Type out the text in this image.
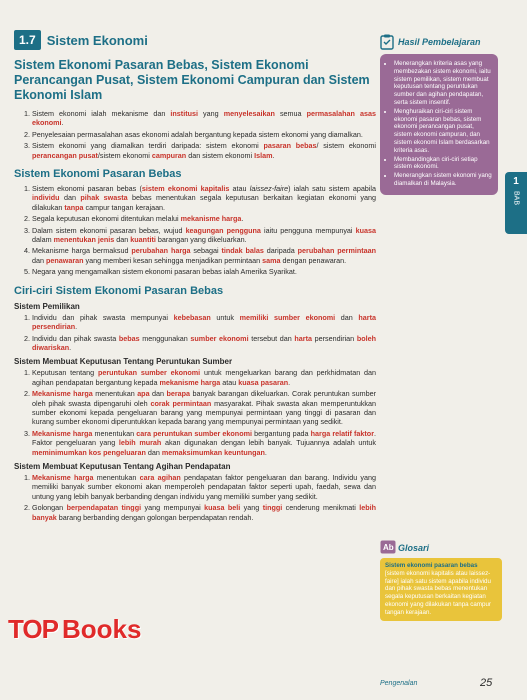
1.7 Sistem Ekonomi
Sistem Ekonomi Pasaran Bebas, Sistem Ekonomi Perancangan Pusat, Sistem Ekonomi Campuran dan Sistem Ekonomi Islam
1. Sistem ekonomi ialah mekanisme dan institusi yang menyelesaikan semua permasalahan asas ekonomi.
2. Penyelesaian permasalahan asas ekonomi adalah bergantung kepada sistem ekonomi yang diamalkan.
3. Sistem ekonomi yang diamalkan terdiri daripada: sistem ekonomi pasaran bebas/ sistem ekonomi perancangan pusat/sistem ekonomi campuran dan sistem ekonomi Islam.
Sistem Ekonomi Pasaran Bebas
1. Sistem ekonomi pasaran bebas (sistem ekonomi kapitalis atau laissez-faire) ialah satu sistem apabila individu dan pihak swasta bebas menentukan segala keputusan berkaitan kegiatan ekonomi yang dilakukan tanpa campur tangan kerajaan.
2. Segala keputusan ekonomi ditentukan melalui mekanisme harga.
3. Dalam sistem ekonomi pasaran bebas, wujud keagungan pengguna iaitu pengguna mempunyai kuasa dalam menentukan jenis dan kuantiti barangan yang dikeluarkan.
4. Mekanisme harga bermaksud perubahan harga sebagai tindak balas daripada perubahan permintaan dan penawaran yang memberi kesan sehingga menjadikan permintaan sama dengan penawaran.
5. Negara yang mengamalkan sistem ekonomi pasaran bebas ialah Amerika Syarikat.
Ciri-ciri Sistem Ekonomi Pasaran Bebas
Sistem Pemilikan
1. Individu dan pihak swasta mempunyai kebebasan untuk memiliki sumber ekonomi dan harta persendirian.
2. Individu dan pihak swasta bebas menggunakan sumber ekonomi tersebut dan harta persendirian boleh diwariskan.
Sistem Membuat Keputusan Tentang Peruntukan Sumber
1. Keputusan tentang peruntukan sumber ekonomi untuk mengeluarkan barang dan perkhidmatan dan agihan pendapatan bergantung kepada mekanisme harga atau kuasa pasaran.
2. Mekanisme harga menentukan apa dan berapa banyak barangan dikeluarkan. Corak peruntukan sumber oleh pihak swasta dipengaruhi oleh corak permintaan masyarakat. Pihak swasta akan memperuntukkan sumber ekonomi kepada pengeluaran barang yang mempunyai permintaan yang tinggi di pasaran dan kurang sumber ekonomi diperuntukkan kepada barang yang mempunyai permintaan yang sedikit.
3. Mekanisme harga menentukan cara peruntukan sumber ekonomi bergantung pada harga relatif faktor. Faktor pengeluaran yang lebih murah akan digunakan dengan lebih banyak. Tujuannya adalah untuk meminimumkan kos pengeluaran dan memaksimumkan keuntungan.
Sistem Membuat Keputusan Tentang Agihan Pendapatan
1. Mekanisme harga menentukan cara agihan pendapatan faktor pengeluaran dan barang. Individu yang memiliki banyak sumber ekonomi akan memperoleh pendapatan faktor seperti upah, faedah, sewa dan untung yang lebih banyak berbanding dengan individu yang memiliki sumber yang sedikit.
2. Golongan berpendapatan tinggi yang mempunyai kuasa beli yang tinggi cenderung menikmati lebih banyak barang berbanding dengan golongan berpendapatan rendah.
Hasil Pembelajaran
• Menerangkan kriteria asas yang membezakan sistem ekonomi, iaitu sistem pemilikan, sistem membuat keputusan tentang peruntukan sumber dan agihan pendapatan, serta sistem insentif.
• Menghuraikan ciri-ciri sistem ekonomi pasaran bebas, sistem ekonomi perancangan pusat, sistem ekonomi campuran, dan sistem ekonomi Islam berdasarkan kriteria asas.
• Membandingkan ciri-ciri setiap sistem ekonomi.
• Menerangkan sistem ekonomi yang diamalkan di Malaysia.	1
BAB
Ab Glosari
Sistem ekonomi pasaran bebas [sistem ekonomi kapitalis atau laissez-faire] ialah satu sistem apabila individu dan pihak swasta bebas menentukan segala keputusan berkaitan kegiatan ekonomi yang dilakukan tanpa campur tangan kerajaan.
TOP Books
Pengenalan	25
